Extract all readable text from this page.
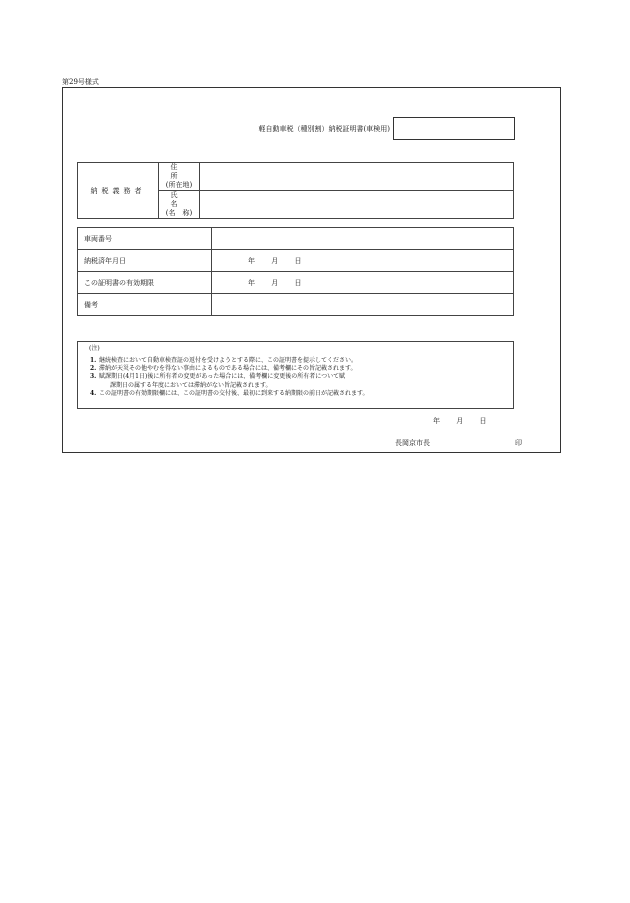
第29号様式
軽自動車税（種別割）納税証明書(車検用)
納税義務者	住　所
(所在地)	

	氏　名
(名　称)	

車両番号	
納税済年月日	年 月 日
この証明書の有効期限	年 月 日
備考	
(注)
1. 継続検査において自動車検査証の返付を受けようとする際に、この証明書を提示してください。
2. 滞納が天災その他やむを得ない事由によるものである場合には、備考欄にその旨記載されます。
3. 賦課期日(4月1日)後に所有者の変更があった場合には、備考欄に変更後の所有者について賦
課期日の属する年度においては滞納がない旨記載されます。
4. この証明書の有効期限欄には、この証明書の交付後、最初に到来する納期限の前日が記載されます。
年 月 日
長岡京市長	印
